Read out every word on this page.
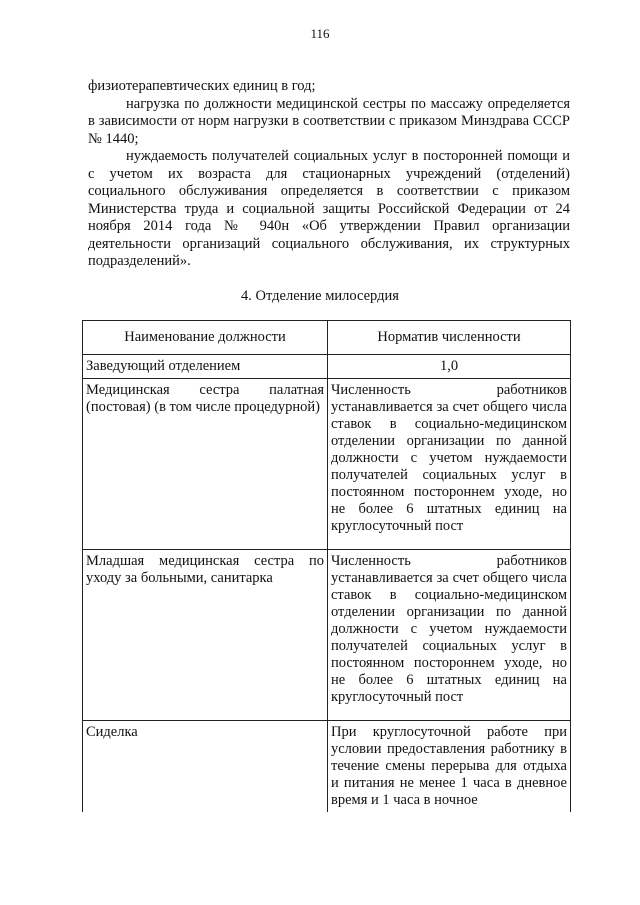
116

физиотерапевтических единиц в год;

нагрузка по должности медицинской сестры по массажу определяется в зависимости от норм нагрузки в соответствии с приказом Минздрава СССР № 1440;

нуждаемость получателей социальных услуг в посторонней помощи и с учетом их возраста для стационарных учреждений (отделений) социального обслуживания определяется в соответствии с приказом Министерства труда и социальной защиты Российской Федерации от 24 ноября 2014 года № 940н «Об утверждении Правил организации деятельности организаций социального обслуживания, их структурных подразделений».

4. Отделение милосердия
Наименование должности	Норматив численности
Заведующий отделением	1,0
Медицинская сестра палатная (постовая) (в том числе процедурной)	Численность работников устанавливается за счет общего числа ставок в социально-медицинском отделении организации по данной должности с учетом нуждаемости получателей социальных услуг в постоянном постороннем уходе, но не более 6 штатных единиц на круглосуточный пост
Младшая медицинская сестра по уходу за больными, санитарка	Численность работников устанавливается за счет общего числа ставок в социально-медицинском отделении организации по данной должности с учетом нуждаемости получателей социальных услуг в постоянном постороннем уходе, но не более 6 штатных единиц на круглосуточный пост
Сиделка	При круглосуточной работе при условии предоставления работнику в течение смены перерыва для отдыха и питания не менее 1 часа в дневное время и 1 часа в ночное
